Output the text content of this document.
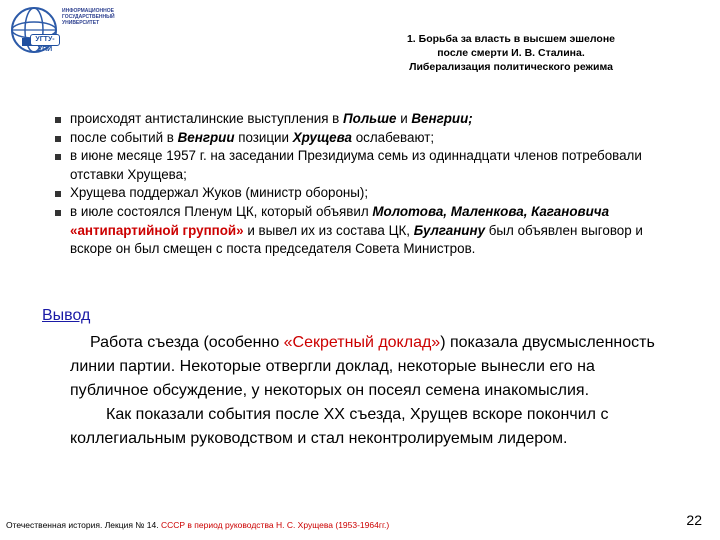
ИНФОРМАЦИОННОЕ
ГОСУДАРСТВЕННЫЙ
УНИВЕРСИТЕТ
УГТУ-УПИ
1. Борьба за власть в высшем эшелоне
после смерти И. В. Сталина.
Либерализация политического режима
происходят антисталинские выступления в Польше и Венгрии;
после событий в Венгрии позиции Хрущева ослабевают;
в июне месяце 1957 г. на заседании Президиума семь из одиннадцати членов потребовали отставки Хрущева;
Хрущева поддержал Жуков (министр обороны);
в июле состоялся Пленум ЦК, который объявил Молотова, Маленкова, Кагановича «антипартийной группой» и вывел их из состава ЦК, Булганину был объявлен выговор и вскоре он был смещен с поста председателя Совета Министров.
Вывод

Работа съезда (особенно «Секретный доклад») показала двусмысленность линии партии. Некоторые отвергли доклад, некоторые вынесли его на публичное обсуждение, у некоторых он посеял семена инакомыслия.

Как показали события после ХХ съезда, Хрущев вскоре покончил с коллегиальным руководством и стал неконтролируемым лидером.

Отечественная история. Лекция № 14. СССР в период руководства Н. С. Хрущева (1953-1964гг.)	22
